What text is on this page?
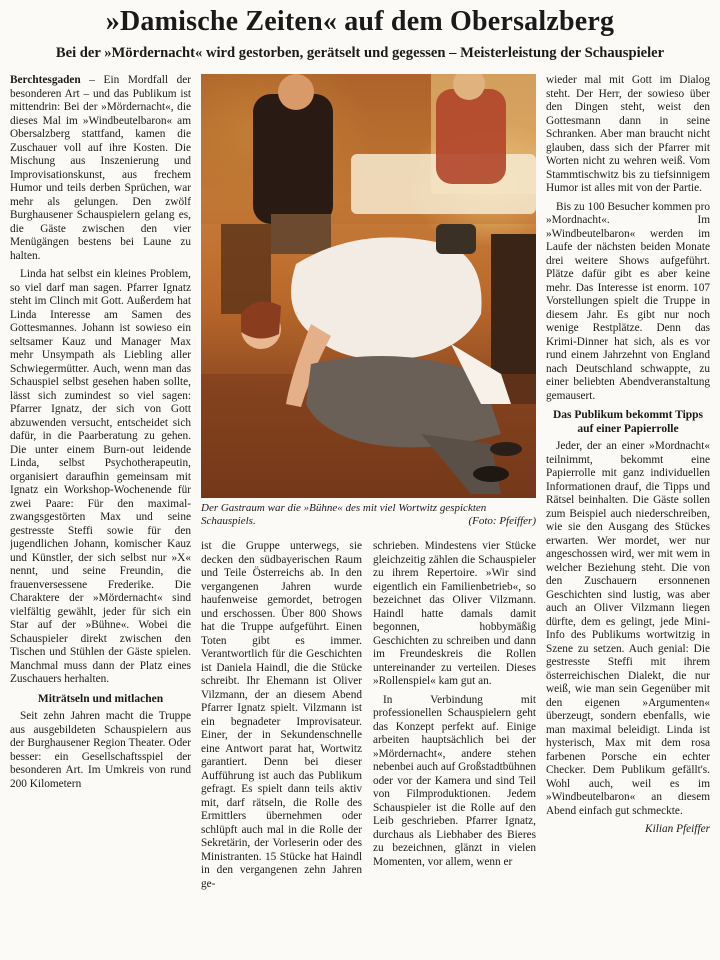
»Damische Zeiten« auf dem Obersalzberg
Bei der »Mördernacht« wird gestorben, gerätselt und gegessen – Meisterleistung der Schauspieler

Berchtesgaden – Ein Mordfall der besonderen Art – und das Publikum ist mittendrin: Bei der »Mördernacht«, die dieses Mal im »Windbeutelbaron« am Obersalzberg stattfand, kamen die Zuschauer voll auf ihre Kosten. Die Mischung aus Inszenierung und Improvisationskunst, aus frechem Humor und teils derben Sprüchen, war mehr als gelungen. Den zwölf Burghausener Schauspielern gelang es, die Gäste zwischen den vier Menügängen bestens bei Laune zu halten.

Linda hat selbst ein kleines Problem, so viel darf man sagen. Pfarrer Ignatz steht im Clinch mit Gott. Außerdem hat Linda Interesse am Samen des Gottesmannes. Johann ist sowieso ein seltsamer Kauz und Manager Max mehr Unsympath als Liebling aller Schwiegermütter. Auch, wenn man das Schauspiel selbst gesehen haben sollte, lässt sich zumindest so viel sagen: Pfarrer Ignatz, der sich von Gott abzuwenden versucht, entscheidet sich dafür, in die Paarberatung zu gehen. Die unter einem Burn-out leidende Linda, selbst Psychotherapeutin, organisiert daraufhin gemeinsam mit Ignatz ein Workshop-Wochenende für zwei Paare: Für den maximal-zwangsgestörten Max und seine gestresste Steffi sowie für den jugendlichen Johann, komischer Kauz und Künstler, der sich selbst nur »X« nennt, und seine Freundin, die frauenversessene Frederike. Die Charaktere der »Mördernacht« sind vielfältig gewählt, jeder für sich ein Star auf der »Bühne«. Wobei die Schauspieler direkt zwischen den Tischen und Stühlen der Gäste spielen. Manchmal muss dann der Platz eines Zuschauers herhalten.

Miträtseln und mitlachen

Seit zehn Jahren macht die Truppe aus ausgebildeten Schauspielern aus der Burghausener Region Theater. Oder besser: ein Gesellschaftsspiel der besonderen Art. Im Umkreis von rund 200 Kilometern

Der Gastraum war die »Bühne« des mit viel Wortwitz gespickten Schauspiels.	(Foto: Pfeiffer)

ist die Gruppe unterwegs, sie decken den südbayerischen Raum und Teile Österreichs ab. In den vergangenen Jahren wurde haufenweise gemordet, betrogen und erschossen. Über 800 Shows hat die Truppe aufgeführt. Einen Toten gibt es immer. Verantwortlich für die Geschichten ist Daniela Haindl, die die Stücke schreibt. Ihr Ehemann ist Oliver Vilzmann, der an diesem Abend Pfarrer Ignatz spielt. Vilzmann ist ein begnadeter Improvisateur. Einer, der in Sekundenschnelle eine Antwort parat hat, Wortwitz garantiert. Denn bei dieser Aufführung ist auch das Publikum gefragt. Es spielt dann teils aktiv mit, darf rätseln, die Rolle des Ermittlers übernehmen oder schlüpft auch mal in die Rolle der Sekretärin, der Vorleserin oder des Ministranten. 15 Stücke hat Haindl in den vergangenen zehn Jahren ge-

schrieben. Mindestens vier Stücke gleichzeitig zählen die Schauspieler zu ihrem Repertoire. »Wir sind eigentlich ein Familienbetrieb«, so bezeichnet das Oliver Vilzmann. Haindl hatte damals damit begonnen, hobbymäßig Geschichten zu schreiben und dann im Freundeskreis die Rollen untereinander zu verteilen. Dieses »Rollenspiel« kam gut an.

In Verbindung mit professionellen Schauspielern geht das Konzept perfekt auf. Einige arbeiten hauptsächlich bei der »Mördernacht«, andere stehen nebenbei auch auf Großstadtbühnen oder vor der Kamera und sind Teil von Filmproduktionen. Jedem Schauspieler ist die Rolle auf den Leib geschrieben. Pfarrer Ignatz, durchaus als Liebhaber des Bieres zu bezeichnen, glänzt in vielen Momenten, vor allem, wenn er

wieder mal mit Gott im Dialog steht. Der Herr, der sowieso über den Dingen steht, weist den Gottesmann dann in seine Schranken. Aber man braucht nicht glauben, dass sich der Pfarrer mit Worten nicht zu wehren weiß. Vom Stammtischwitz bis zu tiefsinnigem Humor ist alles mit von der Partie.

Bis zu 100 Besucher kommen pro »Mordnacht«. Im »Windbeutelbaron« werden im Laufe der nächsten beiden Monate drei weitere Shows aufgeführt. Plätze dafür gibt es aber keine mehr. Das Interesse ist enorm. 107 Vorstellungen spielt die Truppe in diesem Jahr. Es gibt nur noch wenige Restplätze. Denn das Krimi-Dinner hat sich, als es vor rund einem Jahrzehnt von England nach Deutschland schwappte, zu einer beliebten Abendveranstaltung gemausert.

Das Publikum bekommt Tipps auf einer Papierrolle

Jeder, der an einer »Mordnacht« teilnimmt, bekommt eine Papierrolle mit ganz individuellen Informationen drauf, die Tipps und Rätsel beinhalten. Die Gäste sollen zum Beispiel auch niederschreiben, wie sie den Ausgang des Stückes erwarten. Wer mordet, wer nur angeschossen wird, wer mit wem in welcher Beziehung steht. Die von den Zuschauern ersonnenen Geschichten sind lustig, was aber auch an Oliver Vilzmann liegen dürfte, dem es gelingt, jede Mini-Info des Publikums wortwitzig in Szene zu setzen. Auch genial: Die gestresste Steffi mit ihrem österreichischen Dialekt, die nur weiß, wie man sein Gegenüber mit den eigenen »Argumenten« überzeugt, sondern ebenfalls, wie man maximal beleidigt. Linda ist hysterisch, Max mit dem rosa farbenen Porsche ein echter Checker. Dem Publikum gefällt's. Wohl auch, weil es im »Windbeutelbaron« an diesem Abend einfach gut schmeckte.

Kilian Pfeiffer
